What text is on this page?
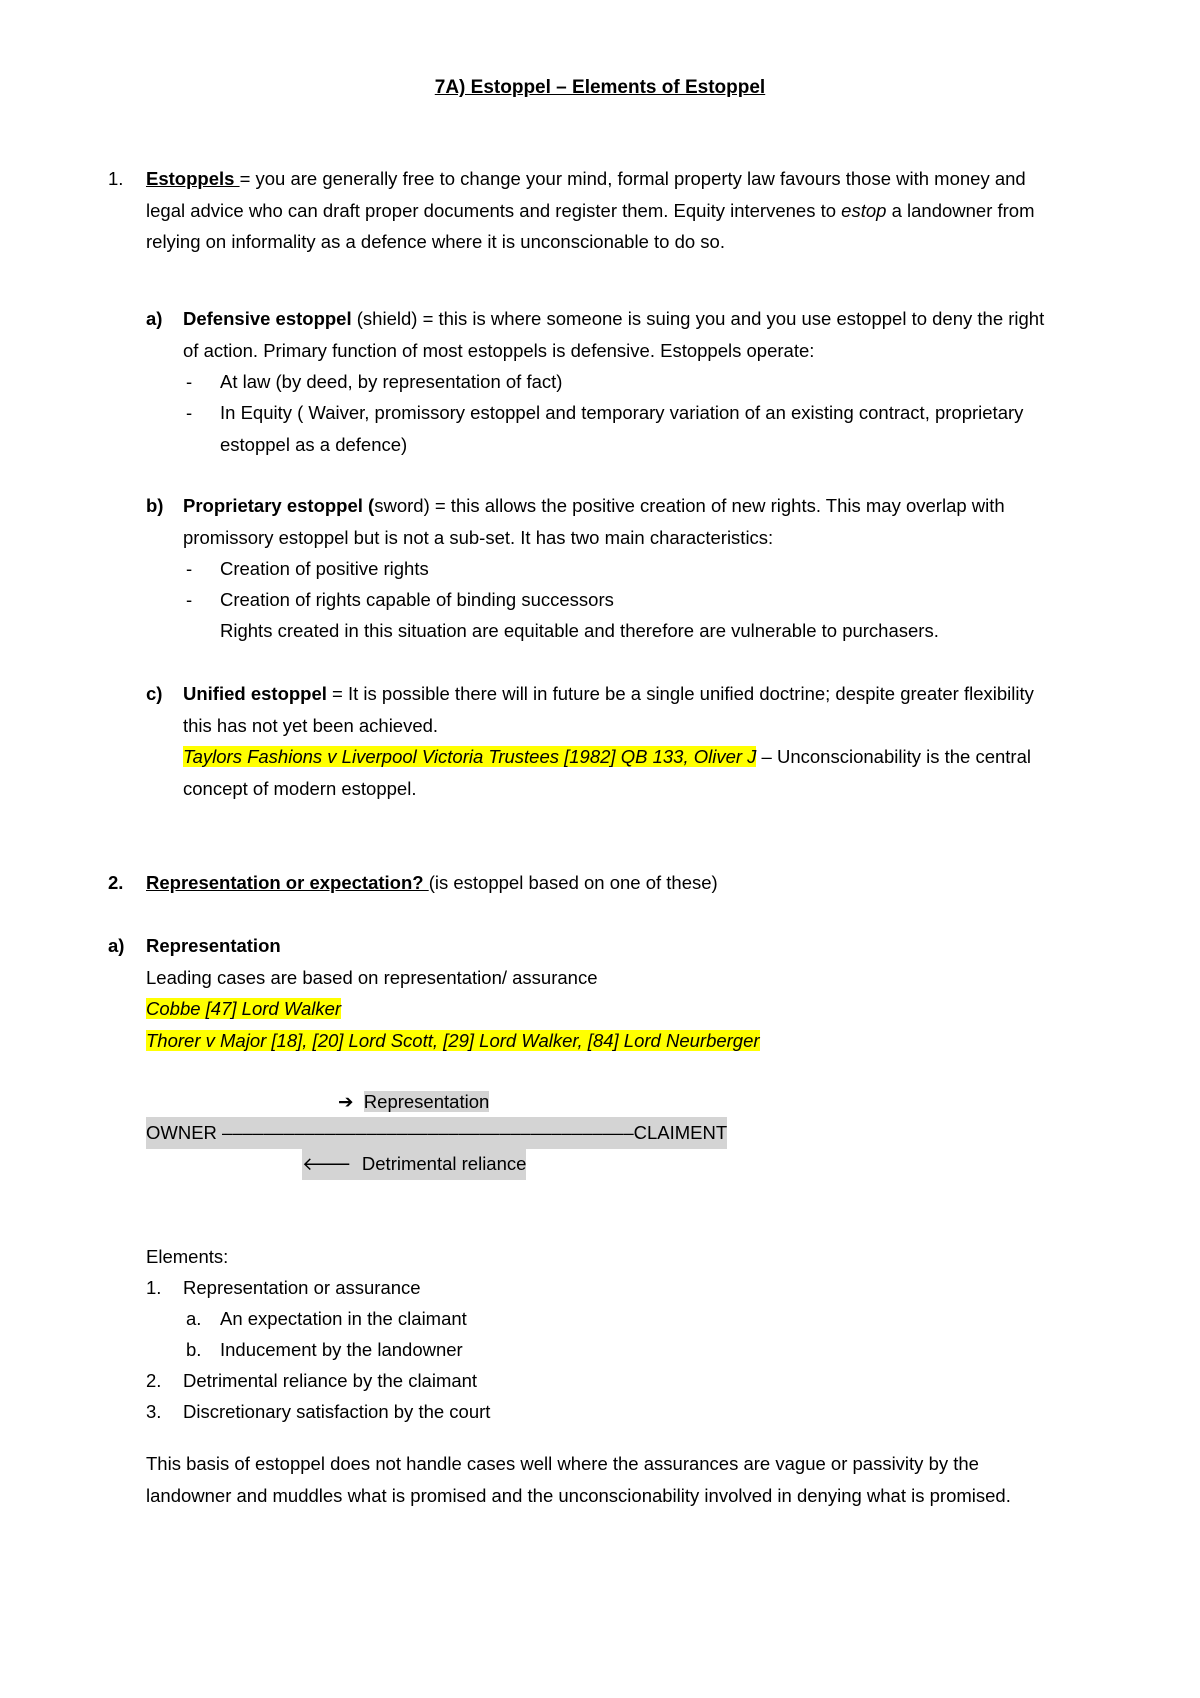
7A) Estoppel – Elements of Estoppel
1. Estoppels = you are generally free to change your mind, formal property law favours those with money and
legal advice who can draft proper documents and register them. Equity intervenes to estop a landowner from
relying on informality as a defence where it is unconscionable to do so.
a) Defensive estoppel (shield) = this is where someone is suing you and you use estoppel to deny the right
of action. Primary function of most estoppels is defensive. Estoppels operate:
- At law (by deed, by representation of fact)
- In Equity ( Waiver, promissory estoppel and temporary variation of an existing contract, proprietary
estoppel as a defence)
b) Proprietary estoppel (sword) = this allows the positive creation of new rights. This may overlap with
promissory estoppel but is not a sub-set. It has two main characteristics:
- Creation of positive rights
- Creation of rights capable of binding successors
Rights created in this situation are equitable and therefore are vulnerable to purchasers.
c) Unified estoppel = It is possible there will in future be a single unified doctrine; despite greater flexibility
this has not yet been achieved.
Taylors Fashions v Liverpool Victoria Trustees [1982] QB 133, Oliver J – Unconscionability is the central
concept of modern estoppel.
2. Representation or expectation? (is estoppel based on one of these)
a) Representation
Leading cases are based on representation/ assurance
Cobbe [47] Lord Walker
Thorer v Major [18], [20] Lord Scott, [29] Lord Walker, [84] Lord Neurberger
➔ Representation
OWNER ––––––––––––––––––––––––––––––––––––––––CLAIMENT
🡐 Detrimental reliance
Elements:
1. Representation or assurance
a. An expectation in the claimant
b. Inducement by the landowner
2. Detrimental reliance by the claimant
3. Discretionary satisfaction by the court
This basis of estoppel does not handle cases well where the assurances are vague or passivity by the
landowner and muddles what is promised and the unconscionability involved in denying what is promised.
